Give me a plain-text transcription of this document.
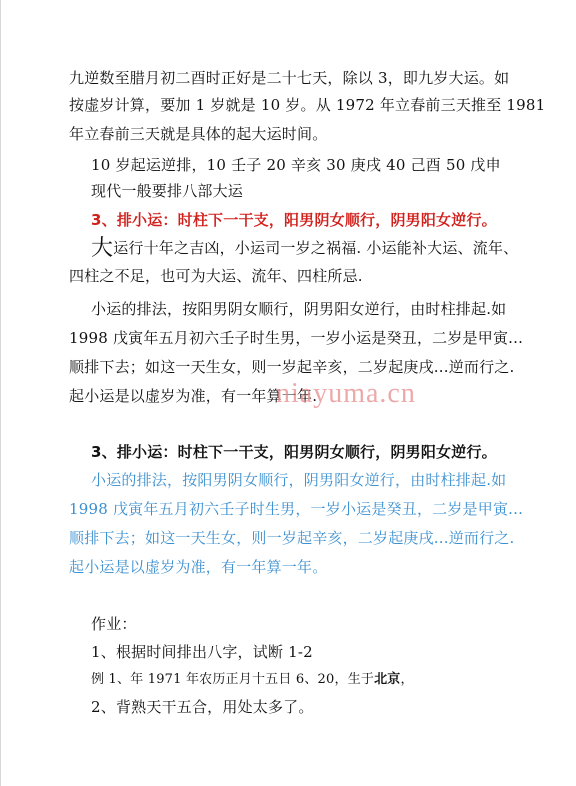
九逆数至腊月初二酉时正好是二十七天，除以 3，即九岁大运。如
按虚岁计算，要加 1 岁就是 10 岁。从 1972 年立春前三天推至 1981
年立春前三天就是具体的起大运时间。
10 岁起运逆排，10 壬子 20 辛亥 30 庚戌 40 己酉 50 戊申
现代一般要排八部大运
3、排小运：时柱下一干支，阳男阴女顺行，阴男阳女逆行。
大运行十年之吉凶，小运司一岁之祸福. 小运能补大运、流年、
四柱之不足，也可为大运、流年、四柱所忌.
小运的排法，按阳男阴女顺行，阴男阳女逆行，由时柱排起.如
1998 戊寅年五月初六壬子时生男，一岁小运是癸丑，二岁是甲寅...
顺排下去；如这一天生女，则一岁起辛亥，二岁起庚戌...逆而行之.
起小运是以虚岁为准，有一年算一年.
niayuma.cn
3、排小运：时柱下一干支，阳男阴女顺行，阴男阳女逆行。
小运的排法，按阳男阴女顺行，阴男阳女逆行，由时柱排起.如
1998 戊寅年五月初六壬子时生男，一岁小运是癸丑，二岁是甲寅...
顺排下去；如这一天生女，则一岁起辛亥，二岁起庚戌...逆而行之.
起小运是以虚岁为准，有一年算一年。
作业：
1、根据时间排出八字，试断 1-2
例 1、年 1971 年农历正月十五日 6、20，生于北京，
2、背熟天干五合，用处太多了。
